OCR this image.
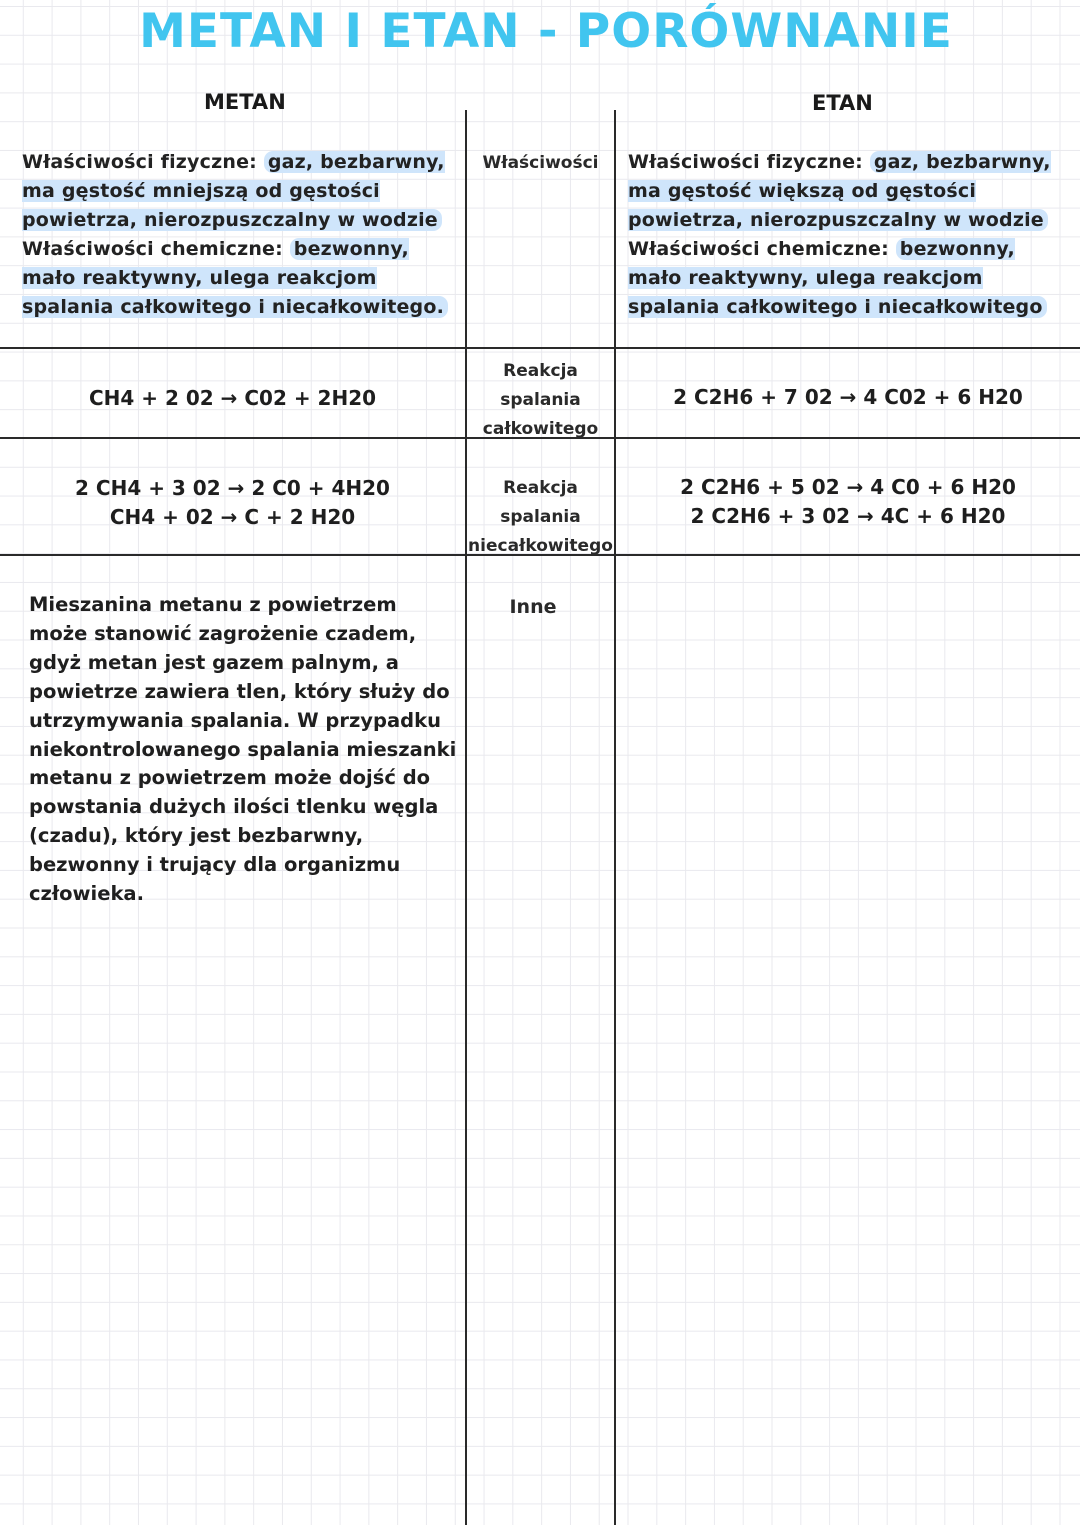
METAN I ETAN - PORÓWNANIE
METAN	ETAN
Właściwości fizyczne: gaz, bezbarwny, ma gęstość mniejszą od gęstości powietrza, nierozpuszczalny w wodzie
Właściwości chemiczne: bezwonny, mało reaktywny, ulega reakcjom spalania całkowitego i niecałkowitego.
Właściwości	Właściwości fizyczne: gaz, bezbarwny, ma gęstość większą od gęstości powietrza, nierozpuszczalny w wodzie
Właściwości chemiczne: bezwonny, mało reaktywny, ulega reakcjom spalania całkowitego i niecałkowitego
CH4 + 2 02 → C02 + 2H20
Reakcja spalania
całkowitego
2 C2H6 + 7 02 → 4 C02 + 6 H20
2 CH4 + 3 02 → 2 C0 + 4H20
CH4 + 02 → C + 2 H20
Reakcja spalania
niecałkowitego
2 C2H6 + 5 02 → 4 C0 + 6 H20
2 C2H6 + 3 02 → 4C + 6 H20
Mieszanina metanu z powietrzem może stanowić zagrożenie czadem, gdyż metan jest gazem palnym, a powietrze zawiera tlen, który służy do utrzymywania spalania. W przypadku niekontrolowanego spalania mieszanki metanu z powietrzem może dojść do powstania dużych ilości tlenku węgla (czadu), który jest bezbarwny, bezwonny i trujący dla organizmu człowieka.
Inne
